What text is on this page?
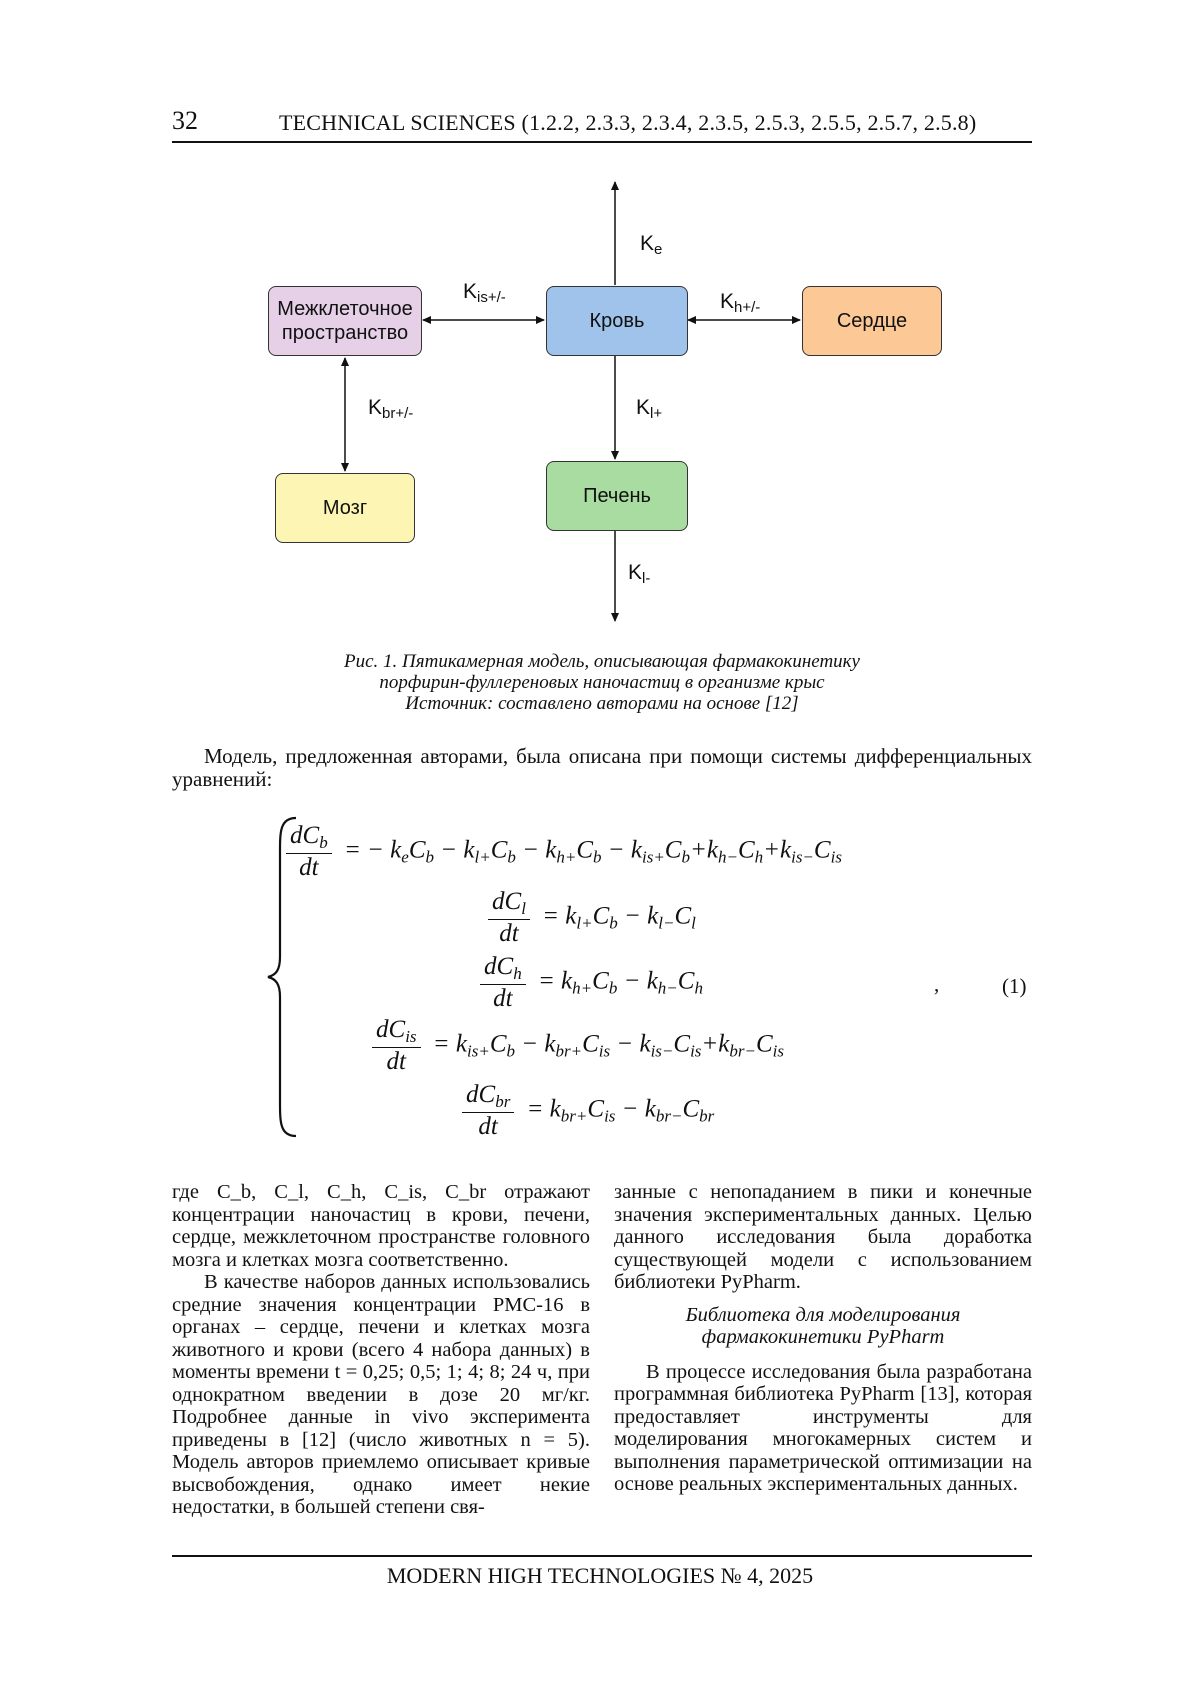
32	TECHNICAL SCIENCES (1.2.2, 2.3.3, 2.3.4, 2.3.5, 2.5.3, 2.5.5, 2.5.7, 2.5.8)
Межклеточное пространство
Кровь	Сердце
Мозг
Печень
$K_e$
$K_{is+/-}$	$K_{h+/-}$
$K_{br+/-}$	$K_{l+}$
$K_{l-}$
Рис. 1. Пятикамерная модель, описывающая фармакокинетику
порфирин-фуллереновых наночастиц в организме крыс
Источник: составлено авторами на основе [12]
Модель, предложенная авторами, была описана при помощи системы дифференциальных уравнений:
$\frac{dC_b}{dt}$ = − $k_eC_b - k_{l+}C_b - k_{h+}C_b - k_{is+}C_b+k_{h-}C_h+k_{is-}C_{is}$
$\frac{dC_l}{dt} = k_{l+}C_b - k_{l-}C_l$
$\frac{dC_h}{dt} = k_{h+}C_b - k_{h-}C_h$
$\frac{dC_{is}}{dt} = k_{is+}C_b - k_{br+}C_{is} - k_{is-}C_{is}+k_{br-}C_{is}$
$\frac{dC_{br}}{dt} = k_{br+}C_{is} - k_{br-}C_{br}$
,	(1)

где C_b, C_l, C_h, C_is, C_br отражают концентрации наночастиц в крови, печени, сердце, межклеточном пространстве головного мозга и клетках мозга соответственно.

В качестве наборов данных использовались средние значения концентрации PMC-16 в органах – сердце, печени и клетках мозга животного и крови (всего 4 набора данных) в моменты времени t = 0,25; 0,5; 1; 4; 8; 24 ч, при однократном введении в дозе 20 мг/кг. Подробнее данные in vivo эксперимента приведены в [12] (число животных n = 5). Модель авторов приемлемо описывает кривые высвобождения, однако имеет некие недостатки, в большей степени свя-

занные с непопаданием в пики и конечные значения экспериментальных данных. Целью данного исследования была доработка существующей модели с использованием библиотеки PyPharm.

Библиотека для моделирования
фармакокинетики PyPharm

В процессе исследования была разработана программная библиотека PyPharm [13], которая предоставляет инструменты для моделирования многокамерных систем и выполнения параметрической оптимизации на основе реальных экспериментальных данных.

MODERN HIGH TECHNOLOGIES № 4, 2025
